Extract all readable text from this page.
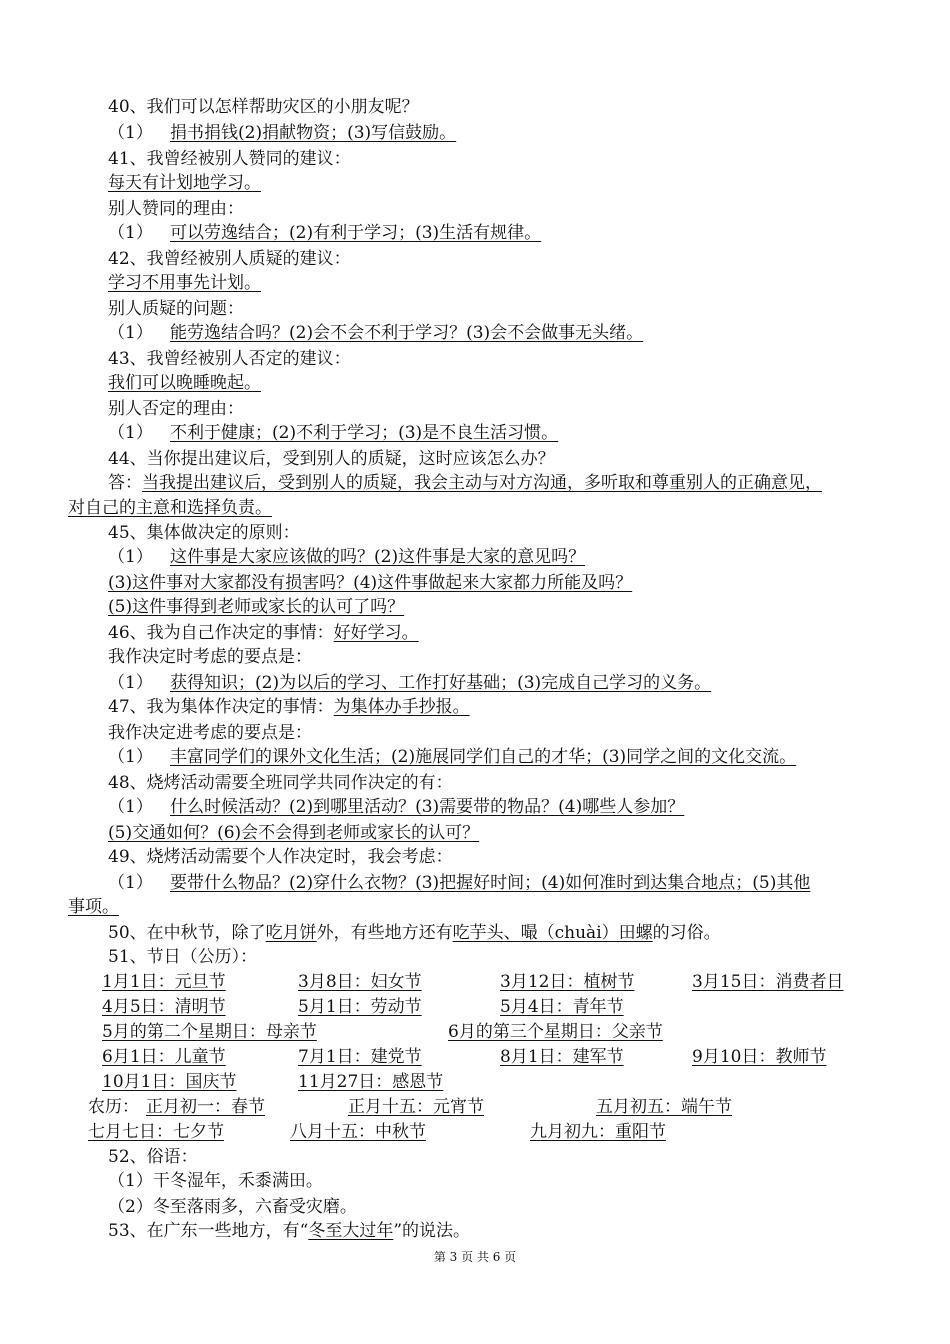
40、我们可以怎样帮助灾区的小朋友呢？
（1） 捐书捐钱(2)捐献物资；(3)写信鼓励。
41、我曾经被别人赞同的建议：
每天有计划地学习。
别人赞同的理由：
（1） 可以劳逸结合；(2)有利于学习；(3)生活有规律。
42、我曾经被别人质疑的建议：
学习不用事先计划。
别人质疑的问题：
（1） 能劳逸结合吗？(2)会不会不利于学习？(3)会不会做事无头绪。
43、我曾经被别人否定的建议：
我们可以晚睡晚起。
别人否定的理由：
（1） 不利于健康；(2)不利于学习；(3)是不良生活习惯。
44、当你提出建议后，受到别人的质疑，这时应该怎么办？
答：当我提出建议后，受到别人的质疑，我会主动与对方沟通，多听取和尊重别人的正确意见，
对自己的主意和选择负责。
45、集体做决定的原则：
（1） 这件事是大家应该做的吗？(2)这件事是大家的意见吗？
(3)这件事对大家都没有损害吗？(4)这件事做起来大家都力所能及吗？
(5)这件事得到老师或家长的认可了吗？
46、我为自己作决定的事情：好好学习。
我作决定时考虑的要点是：
（1） 获得知识；(2)为以后的学习、工作打好基础；(3)完成自己学习的义务。
47、我为集体作决定的事情：为集体办手抄报。
我作决定进考虑的要点是：
（1） 丰富同学们的课外文化生活；(2)施展同学们自己的才华；(3)同学之间的文化交流。
48、烧烤活动需要全班同学共同作决定的有：
（1） 什么时候活动？(2)到哪里活动？(3)需要带的物品？(4)哪些人参加？
(5)交通如何？(6)会不会得到老师或家长的认可？
49、烧烤活动需要个人作决定时，我会考虑：
（1） 要带什么物品？(2)穿什么衣物？(3)把握好时间；(4)如何准时到达集合地点；(5)其他
事项。
50、在中秋节，除了吃月饼外，有些地方还有吃芋头、嘬（chuài）田螺的习俗。
51、节日（公历）：
1月1日：元旦节	3月8日：妇女节	3月12日：植树节	3月15日：消费者日
4月5日：清明节	5月1日：劳动节	5月4日：青年节
5月的第二个星期日：母亲节	6月的第三个星期日：父亲节
6月1日：儿童节	7月1日：建党节	8月1日：建军节	9月10日：教师节
10月1日：国庆节	11月27日：感恩节
农历： 正月初一：春节	正月十五：元宵节	五月初五：端午节
七月七日：七夕节	八月十五：中秋节	九月初九：重阳节
52、俗语：
（1）干冬湿年，禾黍满田。
（2）冬至落雨多，六畜受灾磨。
53、在广东一些地方，有“冬至大过年”的说法。
第 3 页 共 6 页
